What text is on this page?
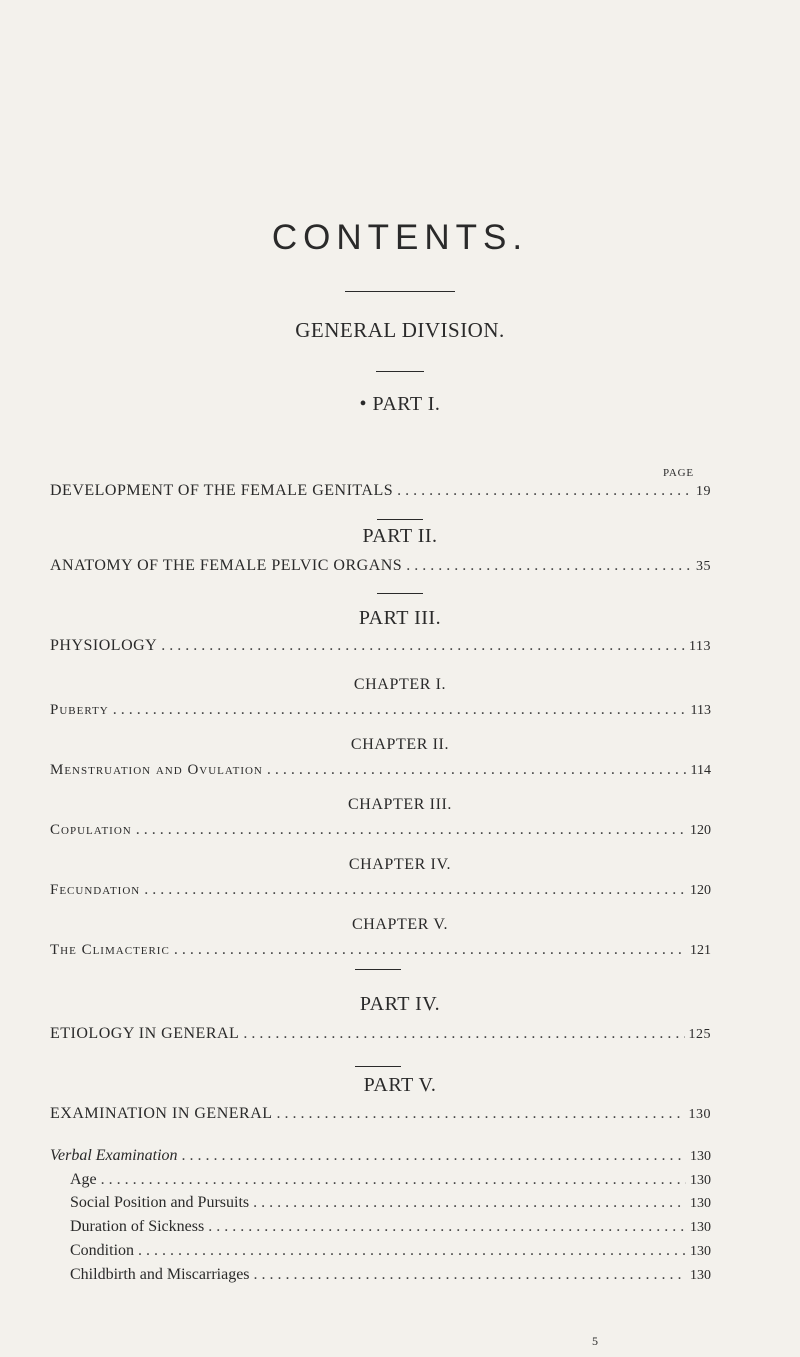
CONTENTS.
GENERAL DIVISION.
• PART I.
PAGE
DEVELOPMENT OF THE FEMALE GENITALS . . .	19
PART II.
ANATOMY OF THE FEMALE PELVIC ORGANS . . .	35
PART III.
PHYSIOLOGY . . .	113
CHAPTER I.
Puberty . . .	113
CHAPTER II.
Menstruation and Ovulation . . .	114
CHAPTER III.
Copulation . . .	120
CHAPTER IV.
Fecundation . . .	120
CHAPTER V.
The Climacteric . . .	121
PART IV.
ETIOLOGY IN GENERAL . . .	125
PART V.
EXAMINATION IN GENERAL . . .	130
Verbal Examination . . .	130
Age . . .	130
Social Position and Pursuits . . .	130
Duration of Sickness . . .	130
Condition . . .	130
Childbirth and Miscarriages . . .	130
5
